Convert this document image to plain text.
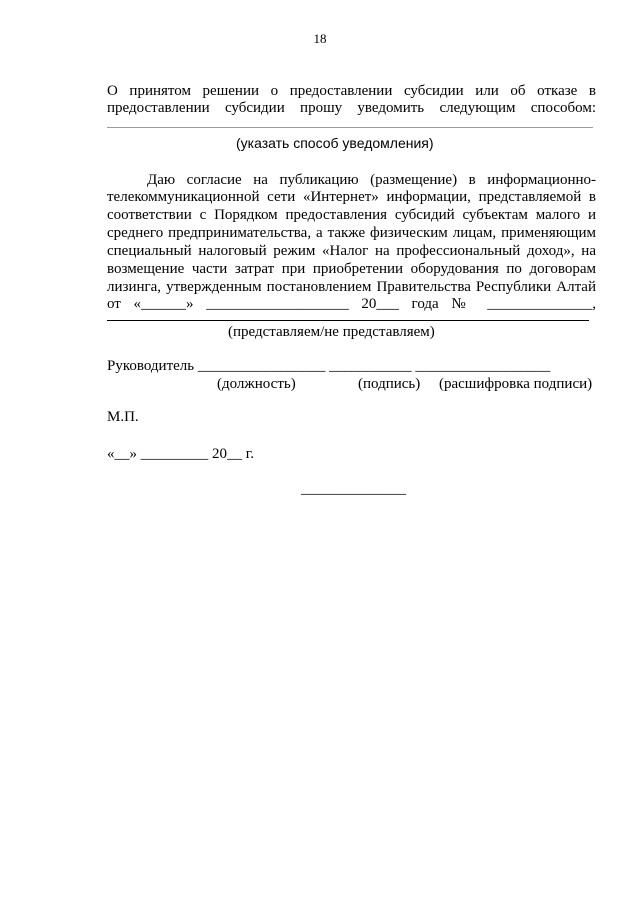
18
О принятом решении о предоставлении субсидии или об отказе в
предоставлении субсидии прошу уведомить следующим способом:
(указать способ уведомления)
Даю согласие на публикацию (размещение) в информационно-
телекоммуникационной сети «Интернет» информации, представляемой в
соответствии с Порядком предоставления субсидий субъектам малого и
среднего предпринимательства, а также физическим лицам, применяющим
специальный налоговый режим «Налог на профессиональный доход», на
возмещение части затрат при приобретении оборудования по договорам
лизинга, утвержденным постановлением Правительства Республики Алтай
от «______» ___________________ 20___ года № ______________,
(представляем/не представляем)
Руководитель _________________ ___________ __________________
(должность)	(подпись) (расшифровка подписи)
М.П.
«__» _________ 20__ г.
______________
